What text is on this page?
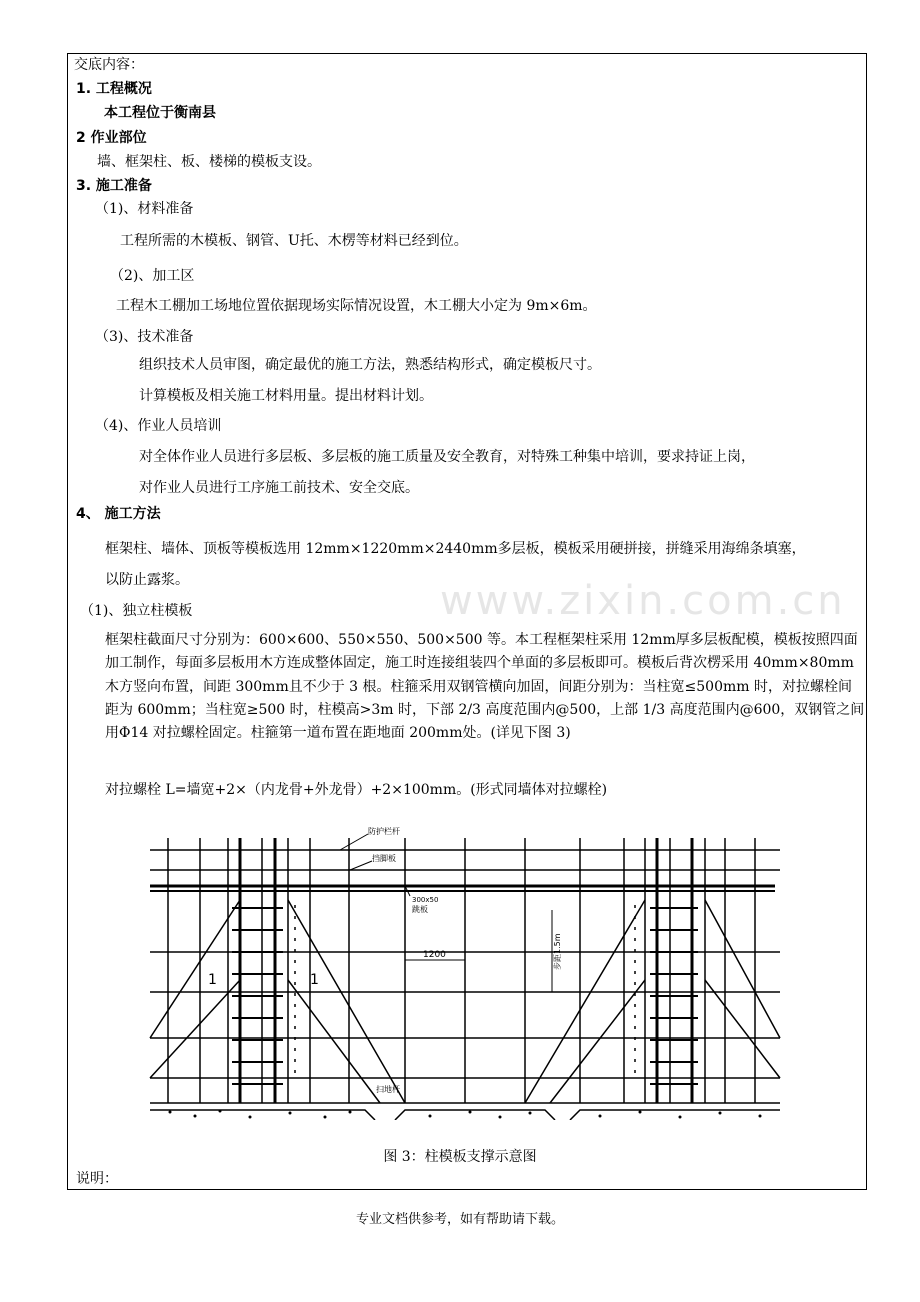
www.zixin.com.cn
交底内容：
1. 工程概况
本工程位于衡南县
2 作业部位
墙、框架柱、板、楼梯的模板支设。
3. 施工准备
（1)、材料准备
工程所需的木模板、钢管、U托、木楞等材料已经到位。
（2)、加工区
工程木工棚加工场地位置依据现场实际情况设置，木工棚大小定为 9m×6m。
（3)、技术准备
组织技术人员审图，确定最优的施工方法，熟悉结构形式，确定模板尺寸。
计算模板及相关施工材料用量。提出材料计划。
（4)、作业人员培训
对全体作业人员进行多层板、多层板的施工质量及安全教育，对特殊工种集中培训，要求持证上岗，
对作业人员进行工序施工前技术、安全交底。
4、 施工方法
框架柱、墙体、顶板等模板选用 12mm×1220mm×2440mm多层板，模板采用硬拼接，拼缝采用海绵条填塞，
以防止露浆。
（1)、独立柱模板
框架柱截面尺寸分别为：600×600、550×550、500×500 等。本工程框架柱采用 12mm厚多层板配模，模板按照四面加工制作，每面多层板用木方连成整体固定，施工时连接组装四个单面的多层板即可。模板后背次楞采用 40mm×80mm木方竖向布置，间距 300mm且不少于 3 根。柱箍采用双钢管横向加固，间距分别为：当柱宽≤500mm 时，对拉螺栓间距为 600mm；当柱宽≥500 时，柱模高>3m 时，下部 2/3 高度范围内@500，上部 1/3 高度范围内@600，双钢管之间用Φ14 对拉螺栓固定。柱箍第一道布置在距地面 200mm处。(详见下图 3)
对拉螺栓 L=墙宽+2×（内龙骨+外龙骨）+2×100mm。(形式同墙体对拉螺栓)
防护栏杆
挡脚板
300x50
跳板
1200	步距1.5m
扫地杆
1	1
图 3：柱模板支撑示意图
说明：
专业文档供参考，如有帮助请下载。
